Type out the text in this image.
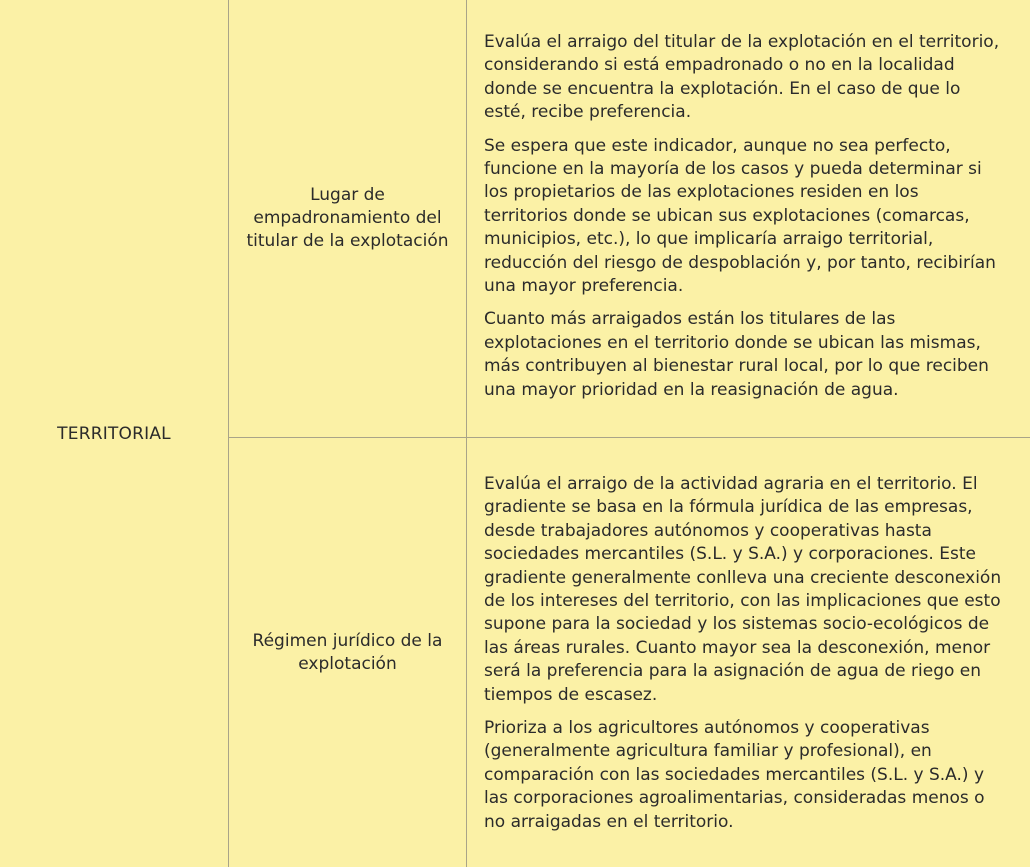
TERRITORIAL
Lugar de empadronamiento del titular de la explotación

Evalúa el arraigo del titular de la explotación en el territorio, considerando si está empadronado o no en la localidad donde se encuentra la explotación. En el caso de que lo esté, recibe preferencia.

Se espera que este indicador, aunque no sea perfecto, funcione en la mayoría de los casos y pueda determinar si los propietarios de las explotaciones residen en los territorios donde se ubican sus explotaciones (comarcas, municipios, etc.), lo que implicaría arraigo territorial, reducción del riesgo de despoblación y, por tanto, recibirían una mayor preferencia.

Cuanto más arraigados están los titulares de las explotaciones en el territorio donde se ubican las mismas, más contribuyen al bienestar rural local, por lo que reciben una mayor prioridad en la reasignación de agua.

Régimen jurídico de la explotación

Evalúa el arraigo de la actividad agraria en el territorio. El gradiente se basa en la fórmula jurídica de las empresas, desde trabajadores autónomos y cooperativas hasta sociedades mercantiles (S.L. y S.A.) y corporaciones. Este gradiente generalmente conlleva una creciente desconexión de los intereses del territorio, con las implicaciones que esto supone para la sociedad y los sistemas socio-ecológicos de las áreas rurales. Cuanto mayor sea la desconexión, menor será la preferencia para la asignación de agua de riego en tiempos de escasez.

Prioriza a los agricultores autónomos y cooperativas (generalmente agricultura familiar y profesional), en comparación con las sociedades mercantiles (S.L. y S.A.) y las corporaciones agroalimentarias, consideradas menos o no arraigadas en el territorio.
